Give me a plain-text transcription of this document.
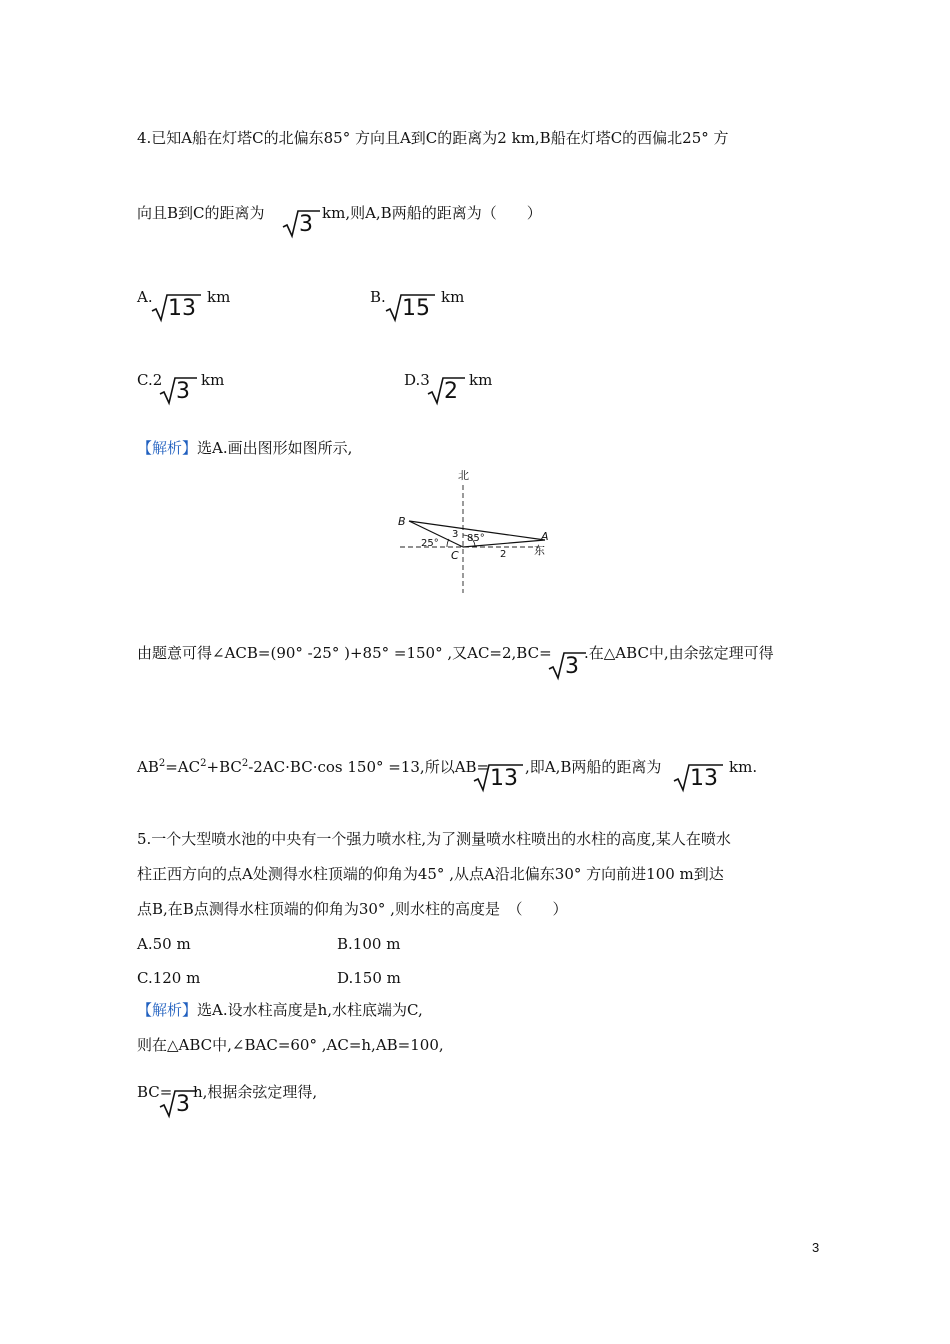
4.已知A船在灯塔C的北偏东85° 方向且A到C的距离为2 km,B船在灯塔C的西偏北25° 方
向且B到C的距离为 3 km,则A,B两船的距离为（　　）
A. 13 km	B. 15 km
C.2 3 km	D.3 2 km
【解析】选A.画出图形如图所示,
北
B
A
东
C
25°	85°
2
3
由题意可得∠ACB=(90° -25° )+85° =150° ,又AC=2,BC=
3
.在△ABC中,由余弦定理可得
$AB^2=AC^2+BC^2-2AC\cdot BC\cdot\cos$ 150° =13,所以AB= 13 ,即A,B两船的距离为 13 km.
5.一个大型喷水池的中央有一个强力喷水柱,为了测量喷水柱喷出的水柱的高度,某人在喷水
柱正西方向的点A处测得水柱顶端的仰角为45° ,从点A沿北偏东30° 方向前进100 m到达
点B,在B点测得水柱顶端的仰角为30° ,则水柱的高度是　（　　）
A.50 m	B.100 m
C.120 m	D.150 m
【解析】选A.设水柱高度是h,水柱底端为C,
则在△ABC中,∠BAC=60° ,AC=h,AB=100,
BC= 3 h,根据余弦定理得,
3
